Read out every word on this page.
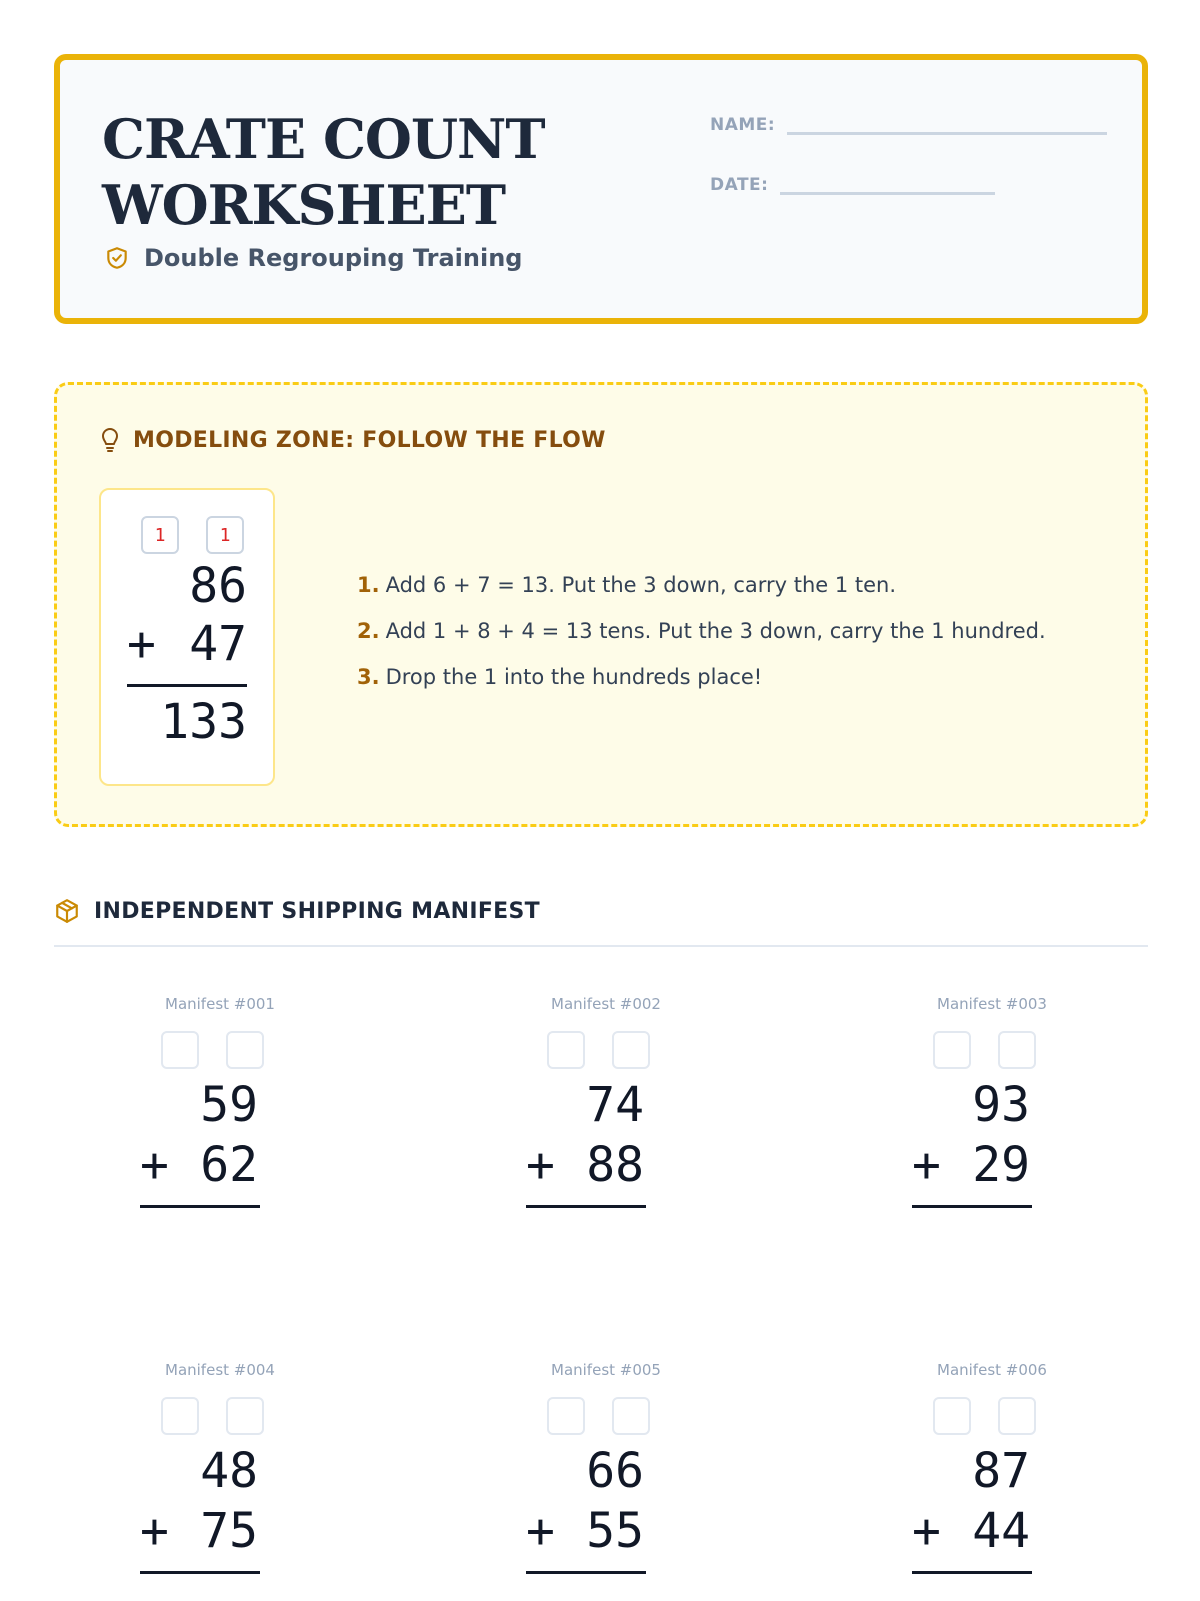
CRATE COUNT
WORKSHEET
Double Regrouping Training
NAME:
DATE:
MODELING ZONE: FOLLOW THE FLOW
1	1
86
+ 47
133
1. Add 6 + 7 = 13. Put the 3 down, carry the 1 ten.
2. Add 1 + 8 + 4 = 13 tens. Put the 3 down, carry the 1 hundred.
3. Drop the 1 into the hundreds place!
INDEPENDENT SHIPPING MANIFEST
Manifest #001
59
+ 62
Manifest #002
74
+ 88
Manifest #003
93
+ 29
Manifest #004
48
+ 75
Manifest #005
66
+ 55
Manifest #006
87
+ 44
